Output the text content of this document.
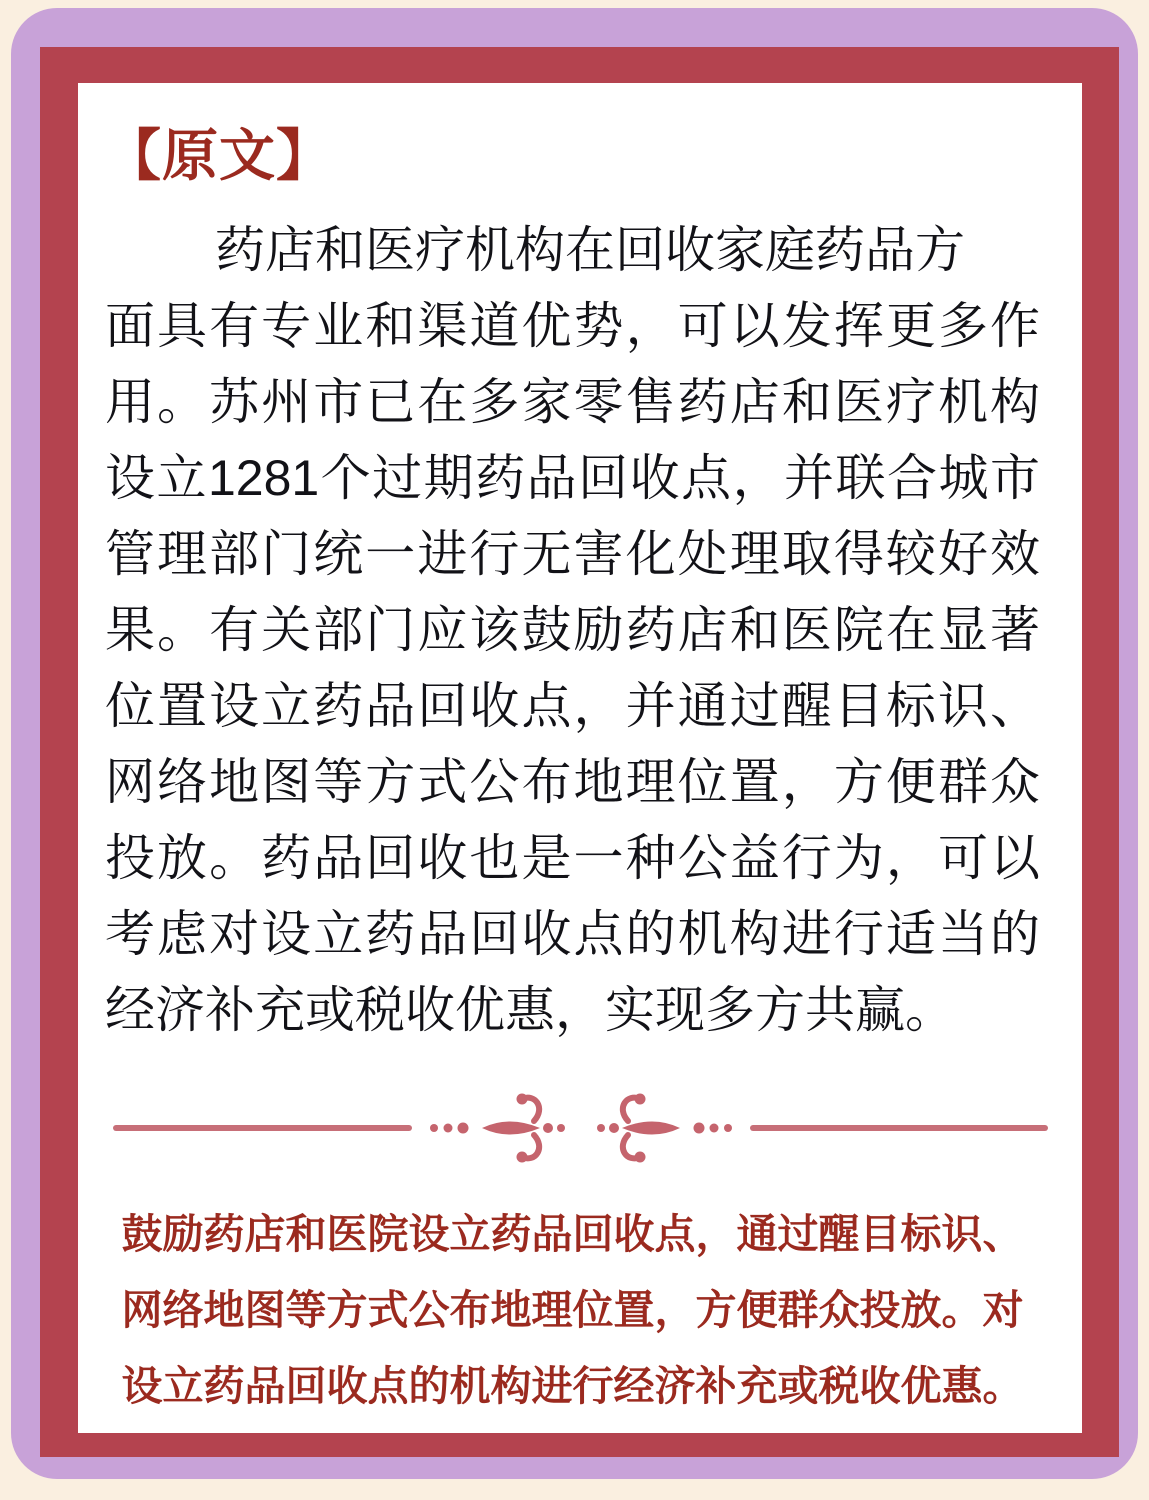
【原文】
药店和医疗机构在回收家庭药品方
面具有专业和渠道优势，可以发挥更多作
用。苏州市已在多家零售药店和医疗机构
设立1281个过期药品回收点，并联合城市
管理部门统一进行无害化处理取得较好效
果。有关部门应该鼓励药店和医院在显著
位置设立药品回收点，并通过醒目标识、
网络地图等方式公布地理位置，方便群众
投放。药品回收也是一种公益行为，可以
考虑对设立药品回收点的机构进行适当的
经济补充或税收优惠，实现多方共赢。
鼓励药店和医院设立药品回收点，通过醒目标识、
网络地图等方式公布地理位置，方便群众投放。对
设立药品回收点的机构进行经济补充或税收优惠。
